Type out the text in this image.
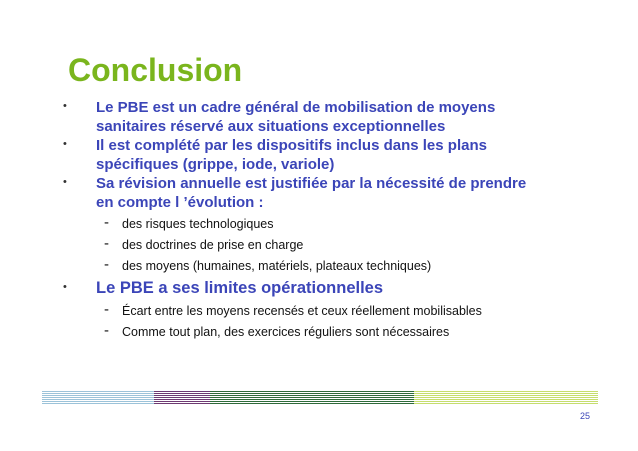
Conclusion
• Le PBE est un cadre général de mobilisation de moyens sanitaires réservé aux situations exceptionnelles
• Il est complété par les dispositifs inclus dans les plans spécifiques (grippe, iode, variole)
• Sa révision annuelle est justifiée par la nécessité de prendre en compte l ’évolution :
- des risques technologiques
- des doctrines de prise en charge
- des moyens (humaines, matériels, plateaux techniques)
• Le PBE a ses limites opérationnelles
- Écart entre les moyens recensés et ceux réellement mobilisables
- Comme tout plan, des exercices réguliers sont nécessaires
25
